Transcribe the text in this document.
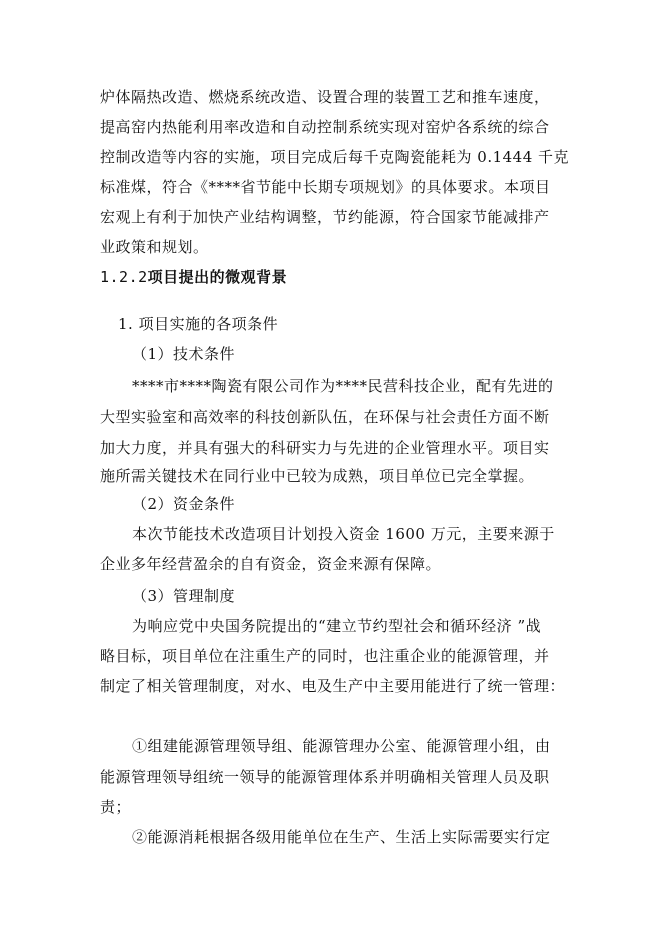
炉体隔热改造、燃烧系统改造、设置合理的装置工艺和推车速度，
提高窑内热能利用率改造和自动控制系统实现对窑炉各系统的综合
控制改造等内容的实施，项目完成后每千克陶瓷能耗为 0.1444 千克
标准煤，符合《****省节能中长期专项规划》的具体要求。本项目
宏观上有利于加快产业结构调整，节约能源，符合国家节能减排产
业政策和规划。
1.2.2项目提出的微观背景
1. 项目实施的各项条件
（1）技术条件
****市****陶瓷有限公司作为****民营科技企业，配有先进的
大型实验室和高效率的科技创新队伍，在环保与社会责任方面不断
加大力度，并具有强大的科研实力与先进的企业管理水平。项目实
施所需关键技术在同行业中已较为成熟，项目单位已完全掌握。
（2）资金条件
本次节能技术改造项目计划投入资金 1600 万元，主要来源于
企业多年经营盈余的自有资金，资金来源有保障。
（3）管理制度
为响应党中央国务院提出的“建立节约型社会和循环经济 ”战
略目标，项目单位在注重生产的同时，也注重企业的能源管理，并
制定了相关管理制度，对水、电及生产中主要用能进行了统一管理：
①组建能源管理领导组、能源管理办公室、能源管理小组，由
能源管理领导组统一领导的能源管理体系并明确相关管理人员及职
责；
②能源消耗根据各级用能单位在生产、生活上实际需要实行定
